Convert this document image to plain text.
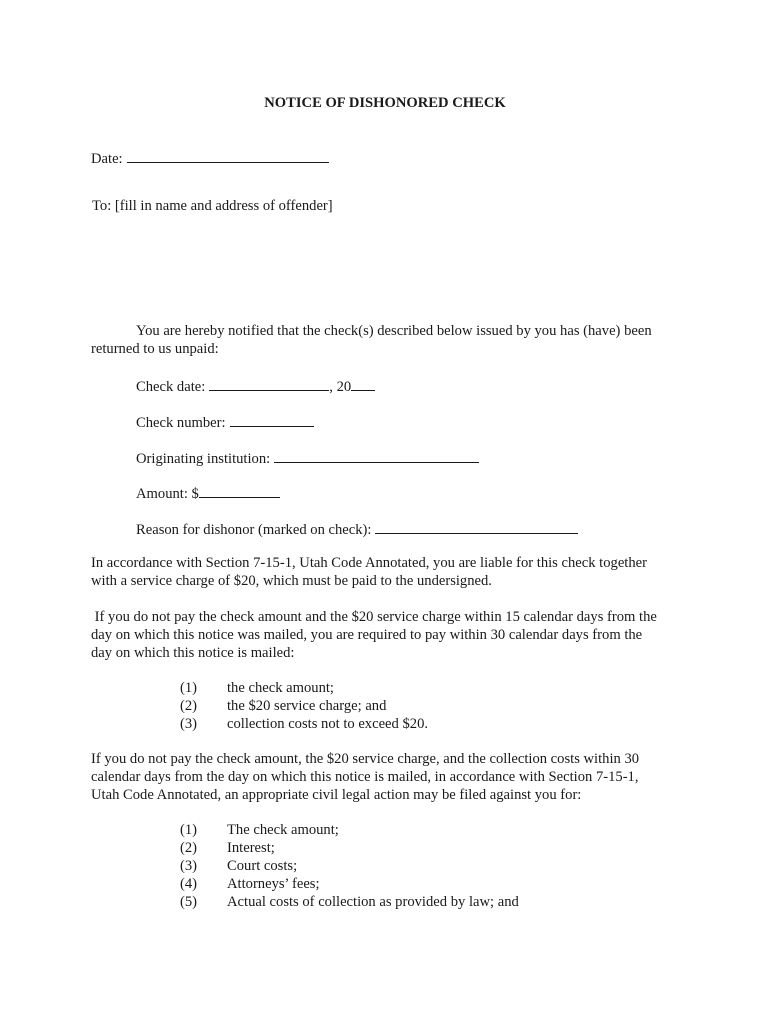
NOTICE OF DISHONORED CHECK
Date:
To: [fill in name and address of offender]
You are hereby notified that the check(s) described below issued by you has (have) been
returned to us unpaid:
Check date:	, 20
Check number:
Originating institution:
Amount: $
Reason for dishonor (marked on check):
In accordance with Section 7-15-1, Utah Code Annotated, you are liable for this check together
with a service charge of $20, which must be paid to the undersigned.
If you do not pay the check amount and the $20 service charge within 15 calendar days from the
day on which this notice was mailed, you are required to pay within 30 calendar days from the
day on which this notice is mailed:
(1) the check amount;
(2) the $20 service charge; and
(3) collection costs not to exceed $20.
If you do not pay the check amount, the $20 service charge, and the collection costs within 30
calendar days from the day on which this notice is mailed, in accordance with Section 7-15-1,
Utah Code Annotated, an appropriate civil legal action may be filed against you for:
(1) The check amount;
(2) Interest;
(3) Court costs;
(4) Attorneys’ fees;
(5) Actual costs of collection as provided by law; and
